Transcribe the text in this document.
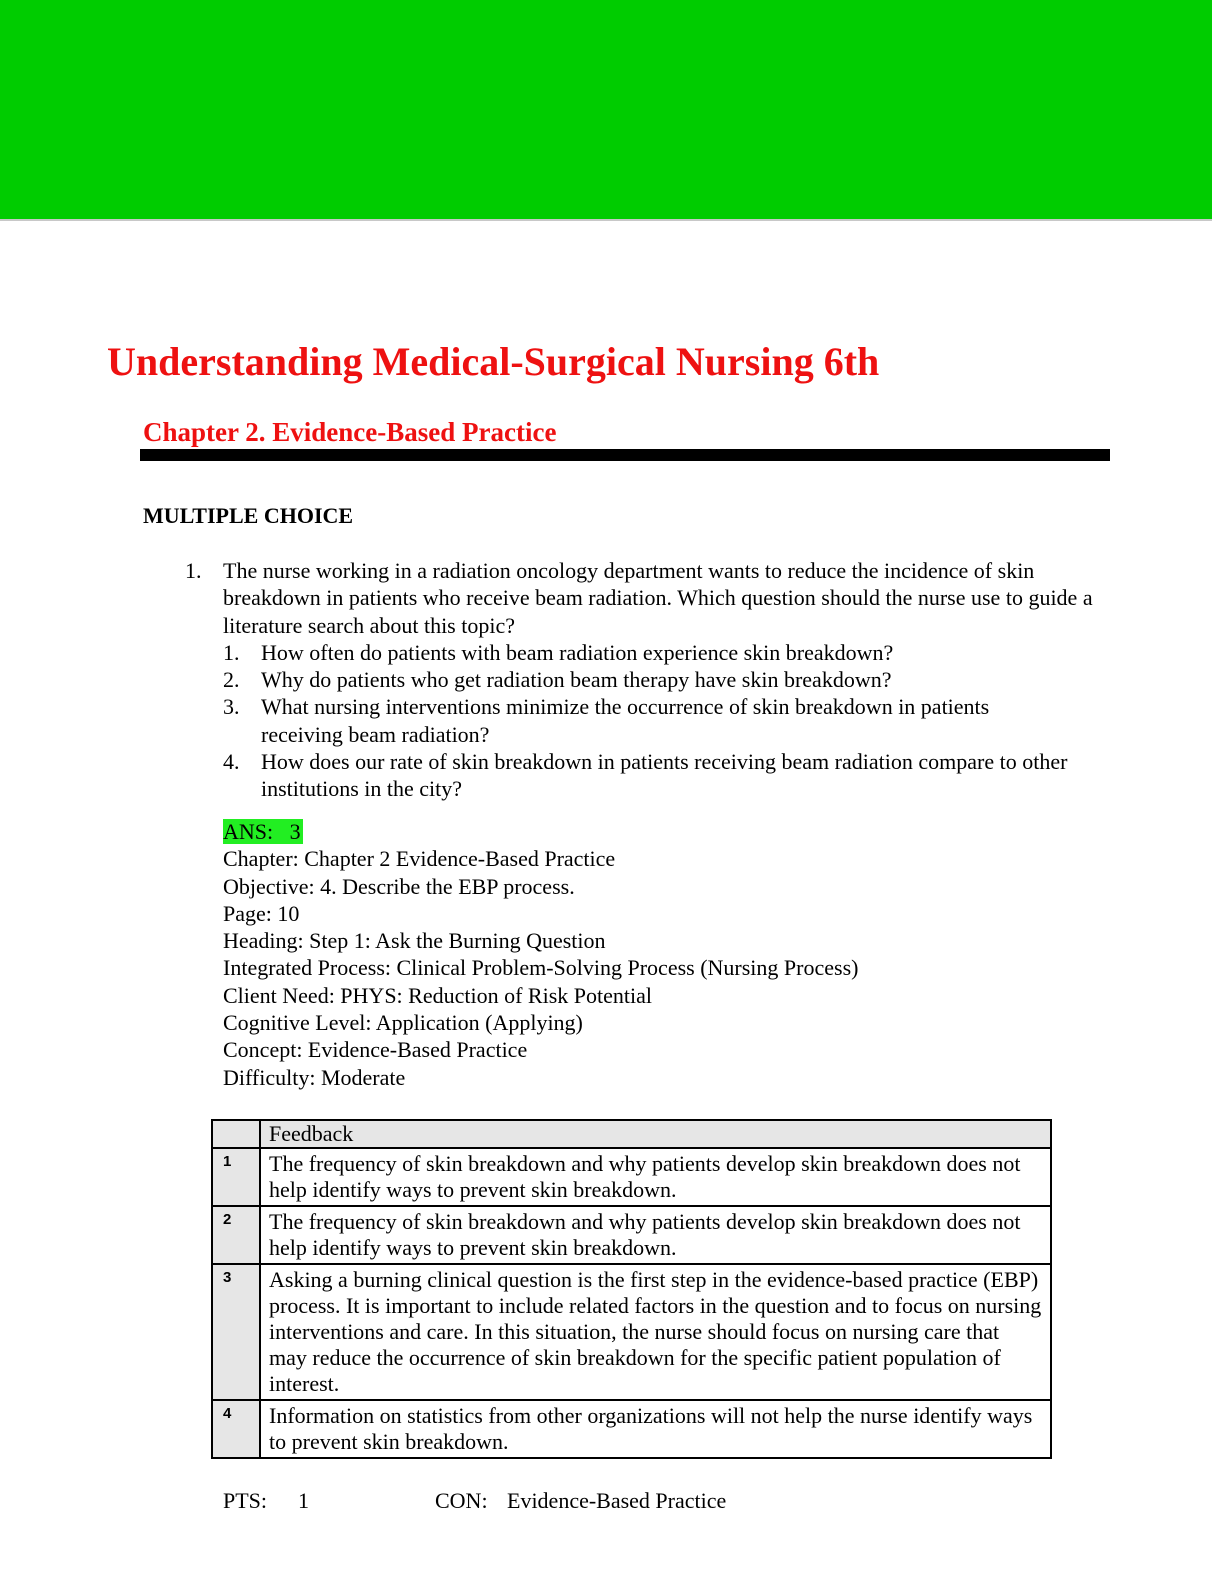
Understanding Medical-Surgical Nursing 6th
Chapter 2. Evidence-Based Practice
MULTIPLE CHOICE
1. The nurse working in a radiation oncology department wants to reduce the incidence of skin breakdown in patients who receive beam radiation. Which question should the nurse use to guide a literature search about this topic?
1. How often do patients with beam radiation experience skin breakdown?
2. Why do patients who get radiation beam therapy have skin breakdown?
3. What nursing interventions minimize the occurrence of skin breakdown in patients receiving beam radiation?
4. How does our rate of skin breakdown in patients receiving beam radiation compare to other institutions in the city?
ANS: 3
Chapter: Chapter 2 Evidence-Based Practice
Objective: 4. Describe the EBP process.
Page: 10
Heading: Step 1: Ask the Burning Question
Integrated Process: Clinical Problem-Solving Process (Nursing Process)
Client Need: PHYS: Reduction of Risk Potential
Cognitive Level: Application (Applying)
Concept: Evidence-Based Practice
Difficulty: Moderate
	Feedback
1	The frequency of skin breakdown and why patients develop skin breakdown does not help identify ways to prevent skin breakdown.
2	The frequency of skin breakdown and why patients develop skin breakdown does not help identify ways to prevent skin breakdown.
3	Asking a burning clinical question is the first step in the evidence-based practice (EBP) process. It is important to include related factors in the question and to focus on nursing interventions and care. In this situation, the nurse should focus on nursing care that may reduce the occurrence of skin breakdown for the specific patient population of interest.
4	Information on statistics from other organizations will not help the nurse identify ways to prevent skin breakdown.
PTS: 1	CON: Evidence-Based Practice
